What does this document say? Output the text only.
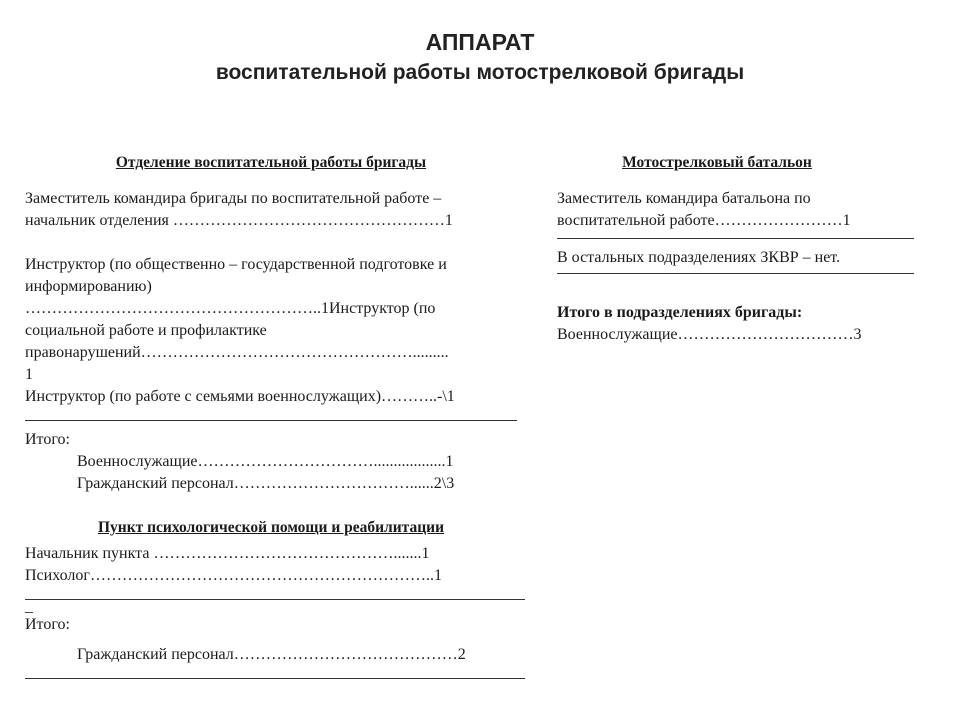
АППАРАТ
воспитательной работы мотострелковой бригады
Отделение воспитательной работы бригады

Заместитель командира бригады по воспитательной работе –

начальник отделения ……………………………………………1

Инструктор (по общественно – государственной подготовке и

информированию)

………………………………………………..1Инструктор (по

социальной работе и профилактике

правонарушений…………………………………………….........

1

Инструктор (по работе с семьями военнослужащих)………..-\1

Итого:

Военнослужащие……………………………..................1

Гражданский персонал……………………………......2\3

Пункт психологической помощи и реабилитации

Начальник пункта ……………………………………….......1

Психолог………………………………………………………..1

_

Итого:

Гражданский персонал……………………………………2

Мотострелковый батальон

Заместитель командира батальона по

воспитательной работе……………………1

В остальных подразделениях ЗКВР – нет.

Итого в подразделениях бригады:

Военнослужащие……………………………3
